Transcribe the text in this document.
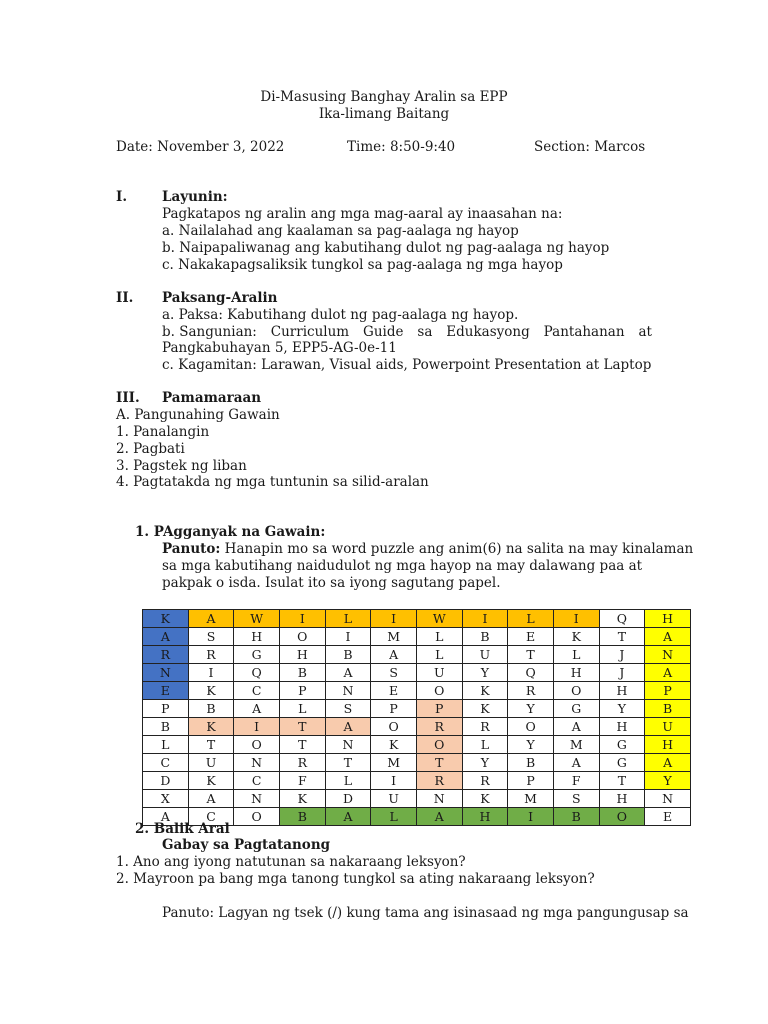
Di-Masusing Banghay Aralin sa EPP
Ika-limang Baitang
Date: November 3, 2022	Time: 8:50-9:40	Section: Marcos
I.	Layunin:
Pagkatapos ng aralin ang mga mag-aaral ay inaasahan na:
a. Nailalahad ang kaalaman sa pag-aalaga ng hayop
b. Naipapaliwanag ang kabutihang dulot ng pag-aalaga ng hayop
c. Nakakapagsaliksik tungkol sa pag-aalaga ng mga hayop
II. Paksang-Aralin
a. Paksa: Kabutihang dulot ng pag-aalaga ng hayop.
b. Sangunian: Curriculum Guide sa Edukasyong Pantahanan at
Pangkabuhayan 5, EPP5-AG-0e-11
c. Kagamitan: Larawan, Visual aids, Powerpoint Presentation at Laptop
III. Pamamaraan
A. Pangunahing Gawain
1. Panalangin
2. Pagbati
3. Pagstek ng liban
4. Pagtatakda ng mga tuntunin sa silid-aralan
1. PAgganyak na Gawain:
Panuto: Hanapin mo sa word puzzle ang anim(6) na salita na may kinalaman
sa mga kabutihang naidudulot ng mga hayop na may dalawang paa at
pakpak o isda. Isulat ito sa iyong sagutang papel.
K	A	W	I	L	I	W	I	L	I	Q	H
A	S	H	O	I	M	L	B	E	K	T	A
R	R	G	H	B	A	L	U	T	L	J	N
N	I	Q	B	A	S	U	Y	Q	H	J	A
E	K	C	P	N	E	O	K	R	O	H	P
P	B	A	L	S	P	P	K	Y	G	Y	B
B	K	I	T	A	O	R	R	O	A	H	U
L	T	O	T	N	K	O	L	Y	M	G	H
C	U	N	R	T	M	T	Y	B	A	G	A
D	K	C	F	L	I	R	R	P	F	T	Y
X	A	N	K	D	U	N	K	M	S	H	N
A	C	O	B	A	L	A	H	I	B	O	E
2. Balik Aral
Gabay sa Pagtatanong
1. Ano ang iyong natutunan sa nakaraang leksyon?
2. Mayroon pa bang mga tanong tungkol sa ating nakaraang leksyon?
Panuto: Lagyan ng tsek (/) kung tama ang isinasaad ng mga pangungusap sa
